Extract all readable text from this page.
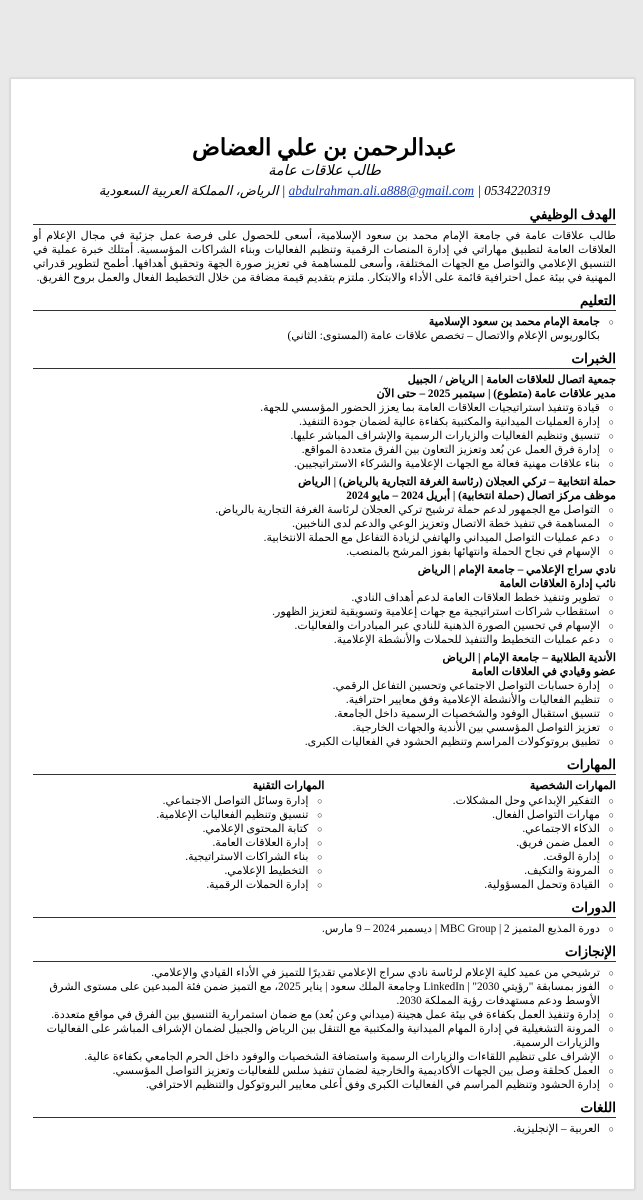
عبدالرحمن بن علي العضاض
طالب علاقات عامة
0534220319 | abdulrahman.ali.a888@gmail.com | الرياض، المملكة العربية السعودية
الهدف الوظيفي
طالب علاقات عامة في جامعة الإمام محمد بن سعود الإسلامية، أسعى للحصول على فرصة عمل جزئية في مجال الإعلام أو العلاقات العامة لتطبيق مهاراتي في إدارة المنصات الرقمية وتنظيم الفعاليات وبناء الشراكات المؤسسية. أمتلك خبرة عملية في التنسيق الإعلامي والتواصل مع الجهات المختلفة، وأسعى للمساهمة في تعزيز صورة الجهة وتحقيق أهدافها. أطمح لتطوير قدراتي المهنية في بيئة عمل احترافية قائمة على الأداء والابتكار. ملتزم بتقديم قيمة مضافة من خلال التخطيط الفعال والعمل بروح الفريق.
التعليم
○ جامعة الإمام محمد بن سعود الإسلامية
بكالوريوس الإعلام والاتصال – تخصص علاقات عامة (المستوى: الثاني)
الخبرات
جمعية اتصال للعلاقات العامة | الرياض / الجبيل
مدير علاقات عامة (متطوع) | سبتمبر 2025 – حتى الآن
○ قيادة وتنفيذ استراتيجيات العلاقات العامة بما يعزز الحضور المؤسسي للجهة.
○ إدارة العمليات الميدانية والمكتبية بكفاءة عالية لضمان جودة التنفيذ.
○ تنسيق وتنظيم الفعاليات والزيارات الرسمية والإشراف المباشر عليها.
○ إدارة فرق العمل عن بُعد وتعزيز التعاون بين الفرق متعددة المواقع.
○ بناء علاقات مهنية فعالة مع الجهات الإعلامية والشركاء الاستراتيجيين.
حملة انتخابية – تركي العجلان (رئاسة الغرفة التجارية بالرياض) | الرياض
موظف مركز اتصال (حملة انتخابية) | أبريل 2024 – مايو 2024
○ التواصل مع الجمهور لدعم حملة ترشيح تركي العجلان لرئاسة الغرفة التجارية بالرياض.
○ المساهمة في تنفيذ خطة الاتصال وتعزيز الوعي والدعم لدى الناخبين.
○ دعم عمليات التواصل الميداني والهاتفي لزيادة التفاعل مع الحملة الانتخابية.
○ الإسهام في نجاح الحملة وانتهائها بفوز المرشح بالمنصب.
نادي سراج الإعلامي – جامعة الإمام | الرياض
نائب إدارة العلاقات العامة
○ تطوير وتنفيذ خطط العلاقات العامة لدعم أهداف النادي.
○ استقطاب شراكات استراتيجية مع جهات إعلامية وتسويقية لتعزيز الظهور.
○ الإسهام في تحسين الصورة الذهنية للنادي عبر المبادرات والفعاليات.
○ دعم عمليات التخطيط والتنفيذ للحملات والأنشطة الإعلامية.
الأندية الطلابية – جامعة الإمام | الرياض
عضو وقيادي في العلاقات العامة
○ إدارة حسابات التواصل الاجتماعي وتحسين التفاعل الرقمي.
○ تنظيم الفعاليات والأنشطة الإعلامية وفق معايير احترافية.
○ تنسيق استقبال الوفود والشخصيات الرسمية داخل الجامعة.
○ تعزيز التواصل المؤسسي بين الأندية والجهات الخارجية.
○ تطبيق بروتوكولات المراسم وتنظيم الحشود في الفعاليات الكبرى.
المهارات
المهارات الشخصية
○ التفكير الإبداعي وحل المشكلات.
○ مهارات التواصل الفعال.
○ الذكاء الاجتماعي.
○ العمل ضمن فريق.
○ إدارة الوقت.
○ المرونة والتكيف.
○ القيادة وتحمل المسؤولية.
المهارات التقنية
○ إدارة وسائل التواصل الاجتماعي.
○ تنسيق وتنظيم الفعاليات الإعلامية.
○ كتابة المحتوى الإعلامي.
○ إدارة العلاقات العامة.
○ بناء الشراكات الاستراتيجية.
○ التخطيط الإعلامي.
○ إدارة الحملات الرقمية.
الدورات
○ دورة المذيع المتميز MBC Group | 2 | ديسمبر 2024 – 9 مارس.
الإنجازات
○ ترشيحي من عميد كلية الإعلام لرئاسة نادي سراج الإعلامي تقديرًا للتميز في الأداء القيادي والإعلامي.
○ الفوز بمسابقة "رؤيتي 2030" | LinkedIn وجامعة الملك سعود | يناير 2025، مع التميز ضمن فئة المبدعين على مستوى الشرق الأوسط ودعم مستهدفات رؤية المملكة 2030.
○ إدارة وتنفيذ العمل بكفاءة في بيئة عمل هجينة (ميداني وعن بُعد) مع ضمان استمرارية التنسيق بين الفرق في مواقع متعددة.
○ المرونة التشغيلية في إدارة المهام الميدانية والمكتبية مع التنقل بين الرياض والجبيل لضمان الإشراف المباشر على الفعاليات والزيارات الرسمية.
○ الإشراف على تنظيم اللقاءات والزيارات الرسمية واستضافة الشخصيات والوفود داخل الحرم الجامعي بكفاءة عالية.
○ العمل كحلقة وصل بين الجهات الأكاديمية والخارجية لضمان تنفيذ سلس للفعاليات وتعزيز التواصل المؤسسي.
○ إدارة الحشود وتنظيم المراسم في الفعاليات الكبرى وفق أعلى معايير البروتوكول والتنظيم الاحترافي.
اللغات
○ العربية – الإنجليزية.
